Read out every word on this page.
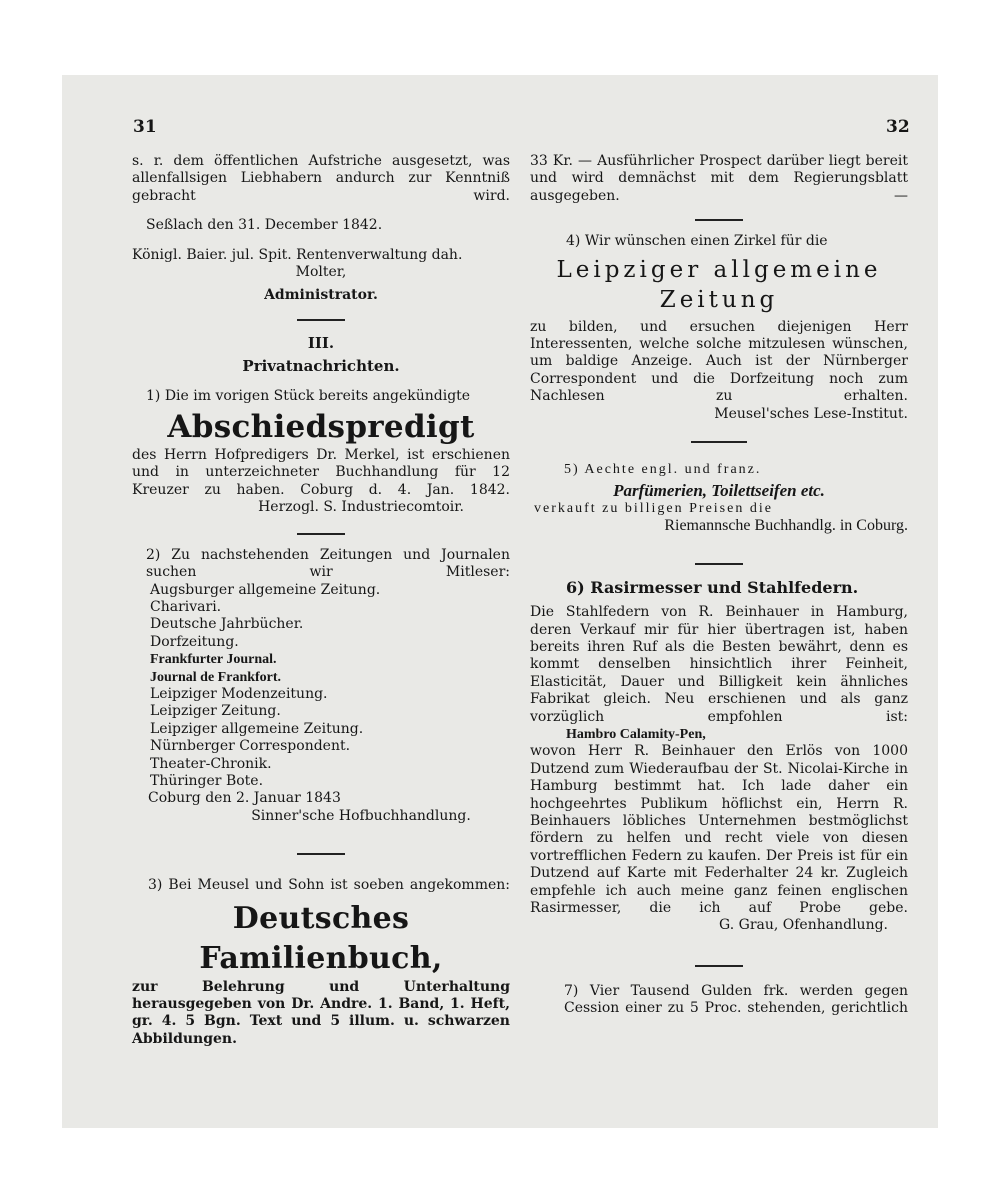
31	32

s. r. dem öffentlichen Aufstriche ausgesetzt, was allenfallsigen Liebhabern andurch zur Kenntniß gebracht wird.

Seßlach den 31. December 1842.

Königl. Baier. jul. Spit. Rentenverwaltung dah.

Molter,

Administrator.

III.

Privatnachrichten.

1) Die im vorigen Stück bereits angekündigte

Abschiedspredigt

des Herrn Hofpredigers Dr. Merkel, ist erschienen und in unterzeichneter Buchhandlung für 12 Kreuzer zu haben. Coburg d. 4. Jan. 1842.

Herzogl. S. Industriecomtoir.

2) Zu nachstehenden Zeitungen und Journalen suchen wir Mitleser:

Augsburger allgemeine Zeitung.

Charivari.

Deutsche Jahrbücher.

Dorfzeitung.

Frankfurter Journal.

Journal de Frankfort.

Leipziger Modenzeitung.

Leipziger Zeitung.

Leipziger allgemeine Zeitung.

Nürnberger Correspondent.

Theater-Chronik.

Thüringer Bote.

Coburg den 2. Januar 1843

Sinner'sche Hofbuchhandlung.

3) Bei Meusel und Sohn ist soeben angekommen:

Deutsches Familienbuch,

zur Belehrung und Unterhaltung herausgegeben von Dr. Andre. 1. Band, 1. Heft, gr. 4. 5 Bgn. Text und 5 illum. u. schwarzen Abbildungen.

33 Kr. — Ausführlicher Prospect darüber liegt bereit und wird demnächst mit dem Regierungsblatt ausgegeben. —

4) Wir wünschen einen Zirkel für die

Leipziger allgemeine Zeitung

zu bilden, und ersuchen diejenigen Herr Interessenten, welche solche mitzulesen wünschen, um baldige Anzeige. Auch ist der Nürnberger Correspondent und die Dorfzeitung noch zum Nachlesen zu erhalten.

Meusel'sches Lese-Institut.

5) Aechte engl. und franz.

Parfümerien, Toilettseifen etc.

verkauft zu billigen Preisen die

Riemannsche Buchhandlg. in Coburg.

6) Rasirmesser und Stahlfedern.

Die Stahlfedern von R. Beinhauer in Hamburg, deren Verkauf mir für hier übertragen ist, haben bereits ihren Ruf als die Besten bewährt, denn es kommt denselben hinsichtlich ihrer Feinheit, Elasticität, Dauer und Billigkeit kein ähnliches Fabrikat gleich. Neu erschienen und als ganz vorzüglich empfohlen ist:

Hambro Calamity-Pen,

wovon Herr R. Beinhauer den Erlös von 1000 Dutzend zum Wiederaufbau der St. Nicolai-Kirche in Hamburg bestimmt hat. Ich lade daher ein hochgeehrtes Publikum höflichst ein, Herrn R. Beinhauers löbliches Unternehmen bestmöglichst fördern zu helfen und recht viele von diesen vortrefflichen Federn zu kaufen. Der Preis ist für ein Dutzend auf Karte mit Federhalter 24 kr. Zugleich empfehle ich auch meine ganz feinen englischen Rasirmesser, die ich auf Probe gebe.

G. Grau, Ofenhandlung.

7) Vier Tausend Gulden frk. werden gegen Cession einer zu 5 Proc. stehenden, gerichtlich
